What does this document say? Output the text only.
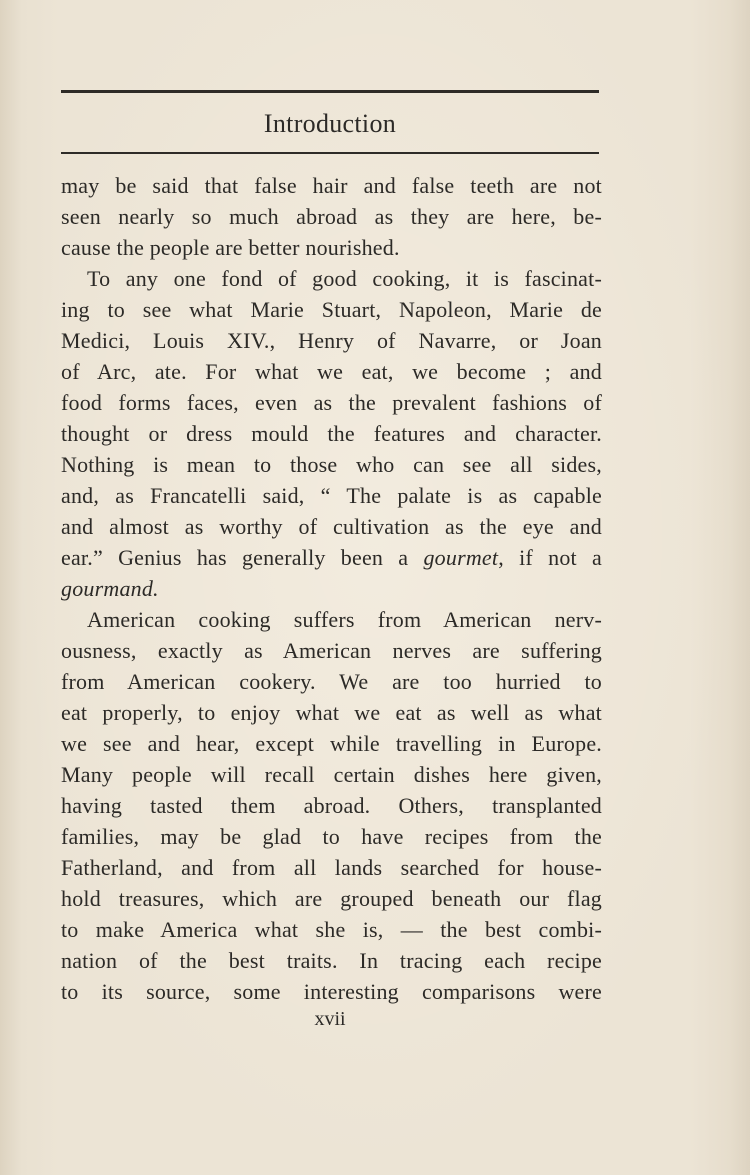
Introduction
may be said that false hair and false teeth are not
seen nearly so much abroad as they are here, be-
cause the people are better nourished.
To any one fond of good cooking, it is fascinat-
ing to see what Marie Stuart, Napoleon, Marie de
Medici, Louis XIV., Henry of Navarre, or Joan
of Arc, ate. For what we eat, we become ; and
food forms faces, even as the prevalent fashions of
thought or dress mould the features and character.
Nothing is mean to those who can see all sides,
and, as Francatelli said, “ The palate is as capable
and almost as worthy of cultivation as the eye and
ear.” Genius has generally been a gourmet, if not a
gourmand.
American cooking suffers from American nerv-
ousness, exactly as American nerves are suffering
from American cookery. We are too hurried to
eat properly, to enjoy what we eat as well as what
we see and hear, except while travelling in Europe.
Many people will recall certain dishes here given,
having tasted them abroad. Others, transplanted
families, may be glad to have recipes from the
Fatherland, and from all lands searched for house-
hold treasures, which are grouped beneath our flag
to make America what she is, — the best combi-
nation of the best traits. In tracing each recipe
to its source, some interesting comparisons were
xvii
